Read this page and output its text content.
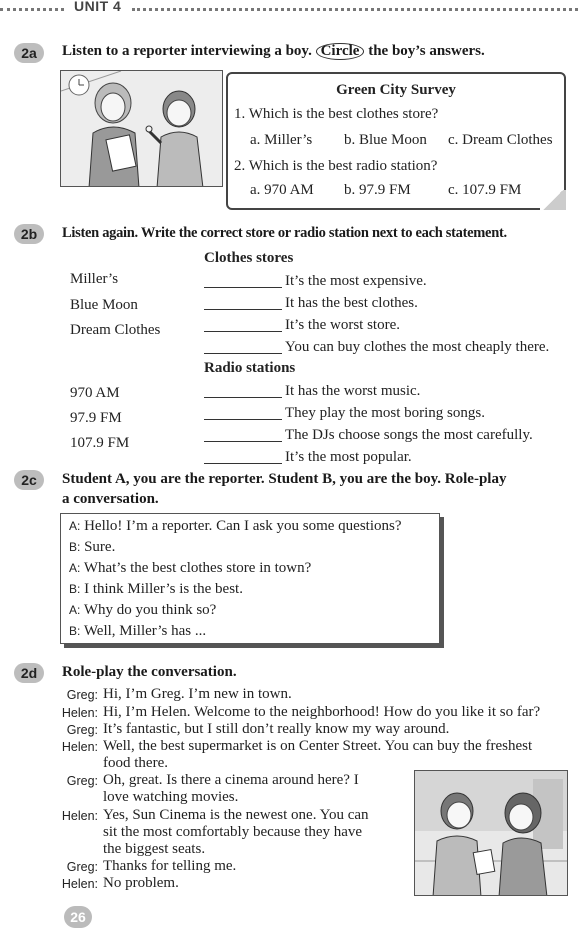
UNIT 4
2a	Listen to a reporter interviewing a boy. Circle the boy’s answers.
Green City Survey
1. Which is the best clothes store?
a. Miller’s b. Blue Moon c. Dream Clothes
2. Which is the best radio station?
a. 970 AM b. 97.9 FM c. 107.9 FM
2b	Listen again. Write the correct store or radio station next to each statement.
Clothes stores
Miller’s
Blue Moon
Dream Clothes
It’s the most expensive.
It has the best clothes.
It’s the worst store.
You can buy clothes the most cheaply there.
Radio stations
970 AM
97.9 FM
107.9 FM
It has the worst music.
They play the most boring songs.
The DJs choose songs the most carefully.
It’s the most popular.
2c	Student A, you are the reporter. Student B, you are the boy. Role-play
a conversation.
A: Hello! I’m a reporter. Can I ask you some questions?
B: Sure.
A: What’s the best clothes store in town?
B: I think Miller’s is the best.
A: Why do you think so?
B: Well, Miller’s has ...
2d	Role-play the conversation.
Greg: Hi, I’m Greg. I’m new in town.
Helen: Hi, I’m Helen. Welcome to the neighborhood! How do you like it so far?
Greg: It’s fantastic, but I still don’t really know my way around.
Helen: Well, the best supermarket is on Center Street. You can buy the freshest
food there.
Greg: Oh, great. Is there a cinema around here? I
love watching movies.
Helen: Yes, Sun Cinema is the newest one. You can
sit the most comfortably because they have
the biggest seats.
Greg: Thanks for telling me.
Helen: No problem.
26
